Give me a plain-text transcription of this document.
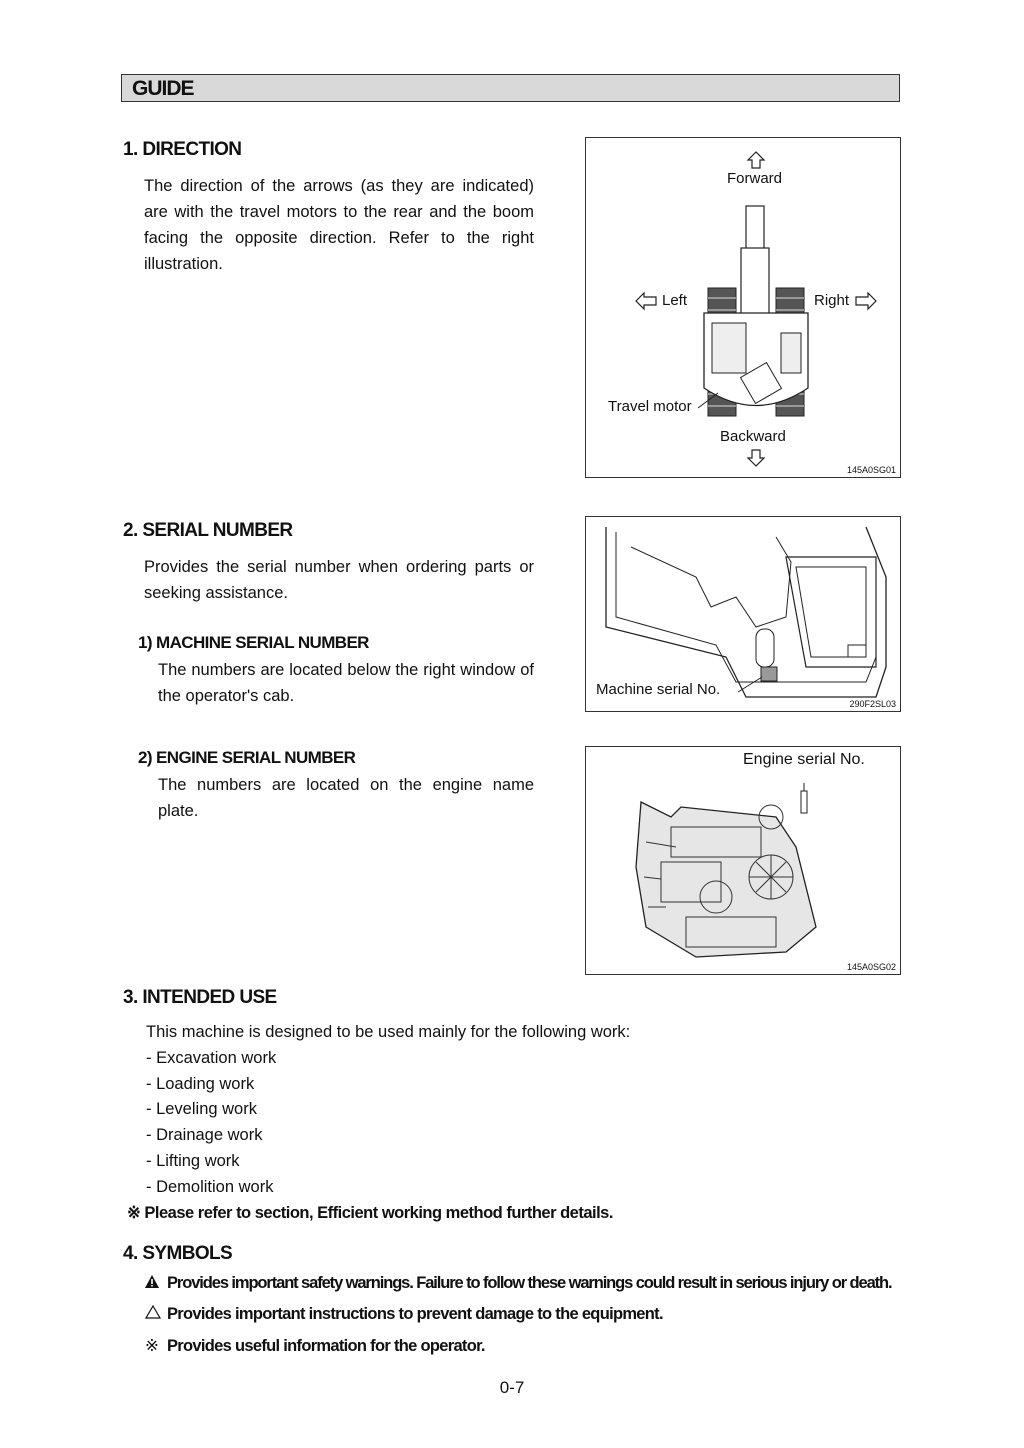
GUIDE
1. DIRECTION
The direction of the arrows (as they are indicated) are with the travel motors to the rear and the boom facing the opposite direction. Refer to the right illustration.
Forward
Left	Right
Travel motor
Backward
145A0SG01
2. SERIAL NUMBER
Provides the serial number when ordering parts or seeking assistance.
1) MACHINE SERIAL NUMBER
The numbers are located below the right window of the operator's cab.	Machine serial No.
290F2SL03
2) ENGINE SERIAL NUMBER
The numbers are located on the engine name plate.
Engine serial No.
145A0SG02
3. INTENDED USE
This machine is designed to be used mainly for the following work:
- Excavation work
- Loading work
- Leveling work
- Drainage work
- Lifting work
- Demolition work
※ Please refer to section, Efficient working method further details.
4. SYMBOLS
Provides important safety warnings. Failure to follow these warnings could result in serious injury or death.
Provides important instructions to prevent damage to the equipment.
※ Provides useful information for the operator.
0-7
